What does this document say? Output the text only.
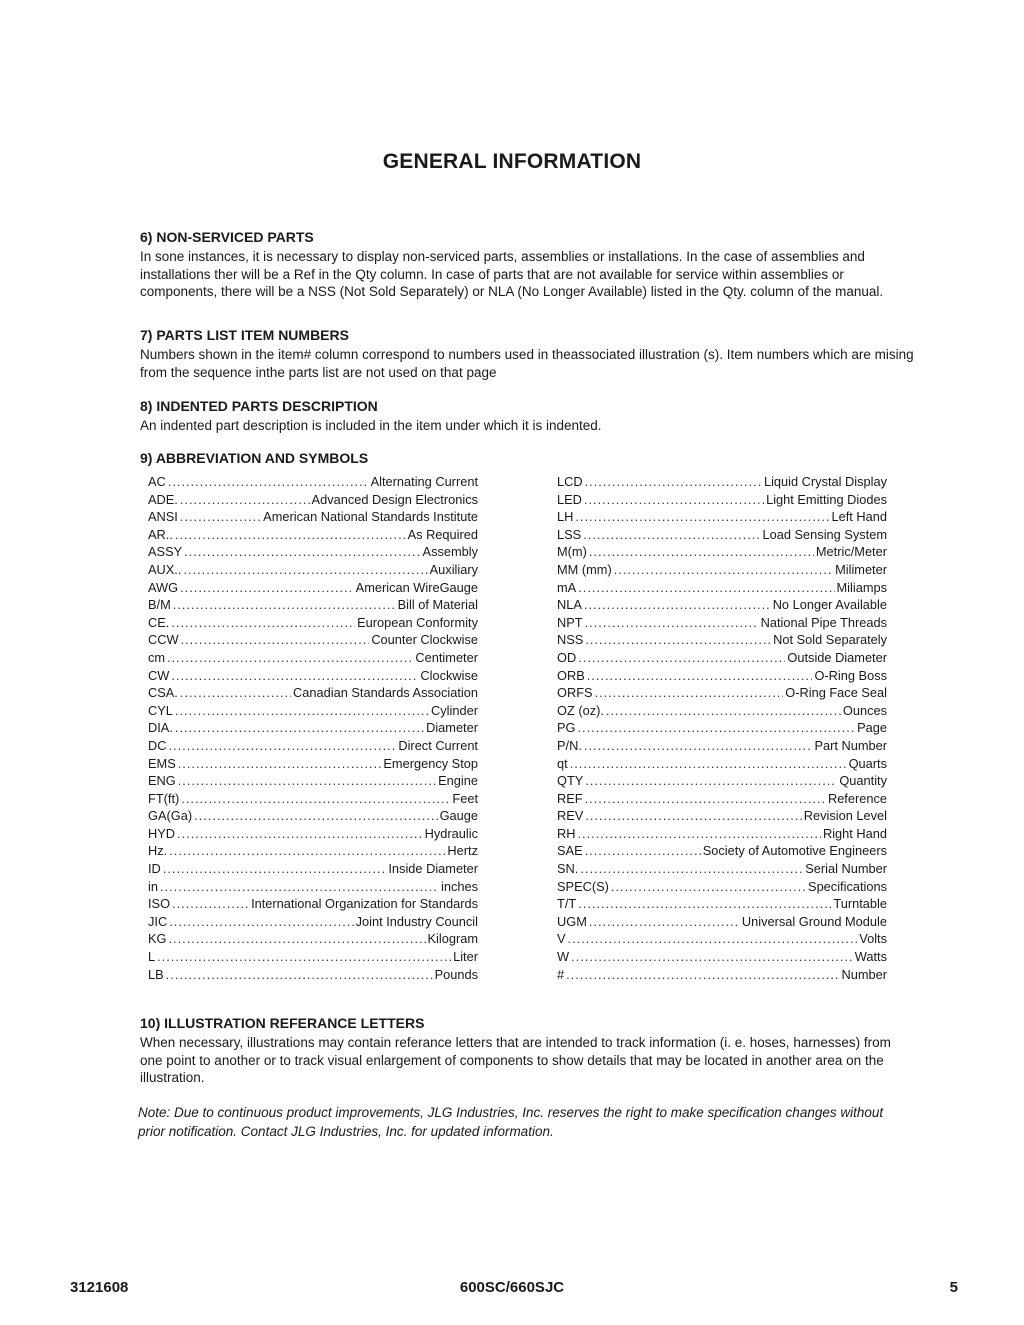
GENERAL INFORMATION
6) NON-SERVICED PARTS

In sone instances, it is necessary to display non-serviced parts, assemblies or installations. In the case of assemblies and installations ther will be a Ref in the Qty column. In case of parts that are not available for service within assemblies or components, there will be a NSS (Not Sold Separately) or NLA (No Longer Available) listed in the Qty. column of the manual.

7) PARTS LIST ITEM NUMBERS

Numbers shown in the item# column correspond to numbers used in theassociated illustration (s). Item numbers which are mising from the sequence inthe parts list are not used on that page

8) INDENTED PARTS DESCRIPTION

An indented part description is included in the item under which it is indented.

9) ABBREVIATION AND SYMBOLS
AC .....	Alternating Current
ADE. .....	Advanced Design Electronics
ANSI .....	American National Standards Institute
AR.. .....	As Required
ASSY .....	Assembly
AUX.. .....	Auxiliary
AWG .....	American WireGauge
B/M .....	Bill of Material
CE. .....	European Conformity
CCW .....	Counter Clockwise
cm .....	Centimeter
CW .....	Clockwise
CSA. .....	Canadian Standards Association
CYL .....	Cylinder
DIA. .....	Diameter
DC .....	Direct Current
EMS .....	Emergency Stop
ENG .....	Engine
FT(ft) .....	Feet
GA(Ga) .....	Gauge
HYD .....	Hydraulic
Hz. .....	Hertz
ID .....	Inside Diameter
in .....	inches
ISO .....	International Organization for Standards
JIC .....	Joint Industry Council
KG .....	Kilogram
L .....	Liter
LB .....	Pounds
LCD .....	Liquid Crystal Display
LED .....	Light Emitting Diodes
LH .....	Left Hand
LSS .....	Load Sensing System
M(m) .....	Metric/Meter
MM (mm) .....	Milimeter
mA .....	Miliamps
NLA .....	No Longer Available
NPT .....	National Pipe Threads
NSS .....	Not Sold Separately
OD .....	Outside Diameter
ORB .....	O-Ring Boss
ORFS .....	O-Ring Face Seal
OZ (oz). .....	Ounces
PG .....	Page
P/N. .....	Part Number
qt .....	Quarts
QTY .....	Quantity
REF .....	Reference
REV .....	Revision Level
RH .....	Right Hand
SAE .....	Society of Automotive Engineers
SN. .....	Serial Number
SPEC(S) .....	Specifications
T/T .....	Turntable
UGM .....	Universal Ground Module
V .....	Volts
W .....	Watts
# .....	Number
10) ILLUSTRATION REFERANCE LETTERS

When necessary, illustrations may contain referance letters that are intended to track information (i. e. hoses, harnesses) from one point to another or to track visual enlargement of components to show details that may be located in another area on the illustration.

Note: Due to continuous product improvements, JLG Industries, Inc. reserves the right to make specification changes without prior notification. Contact JLG Industries, Inc. for updated information.

3121608	600SC/660SJC	5
